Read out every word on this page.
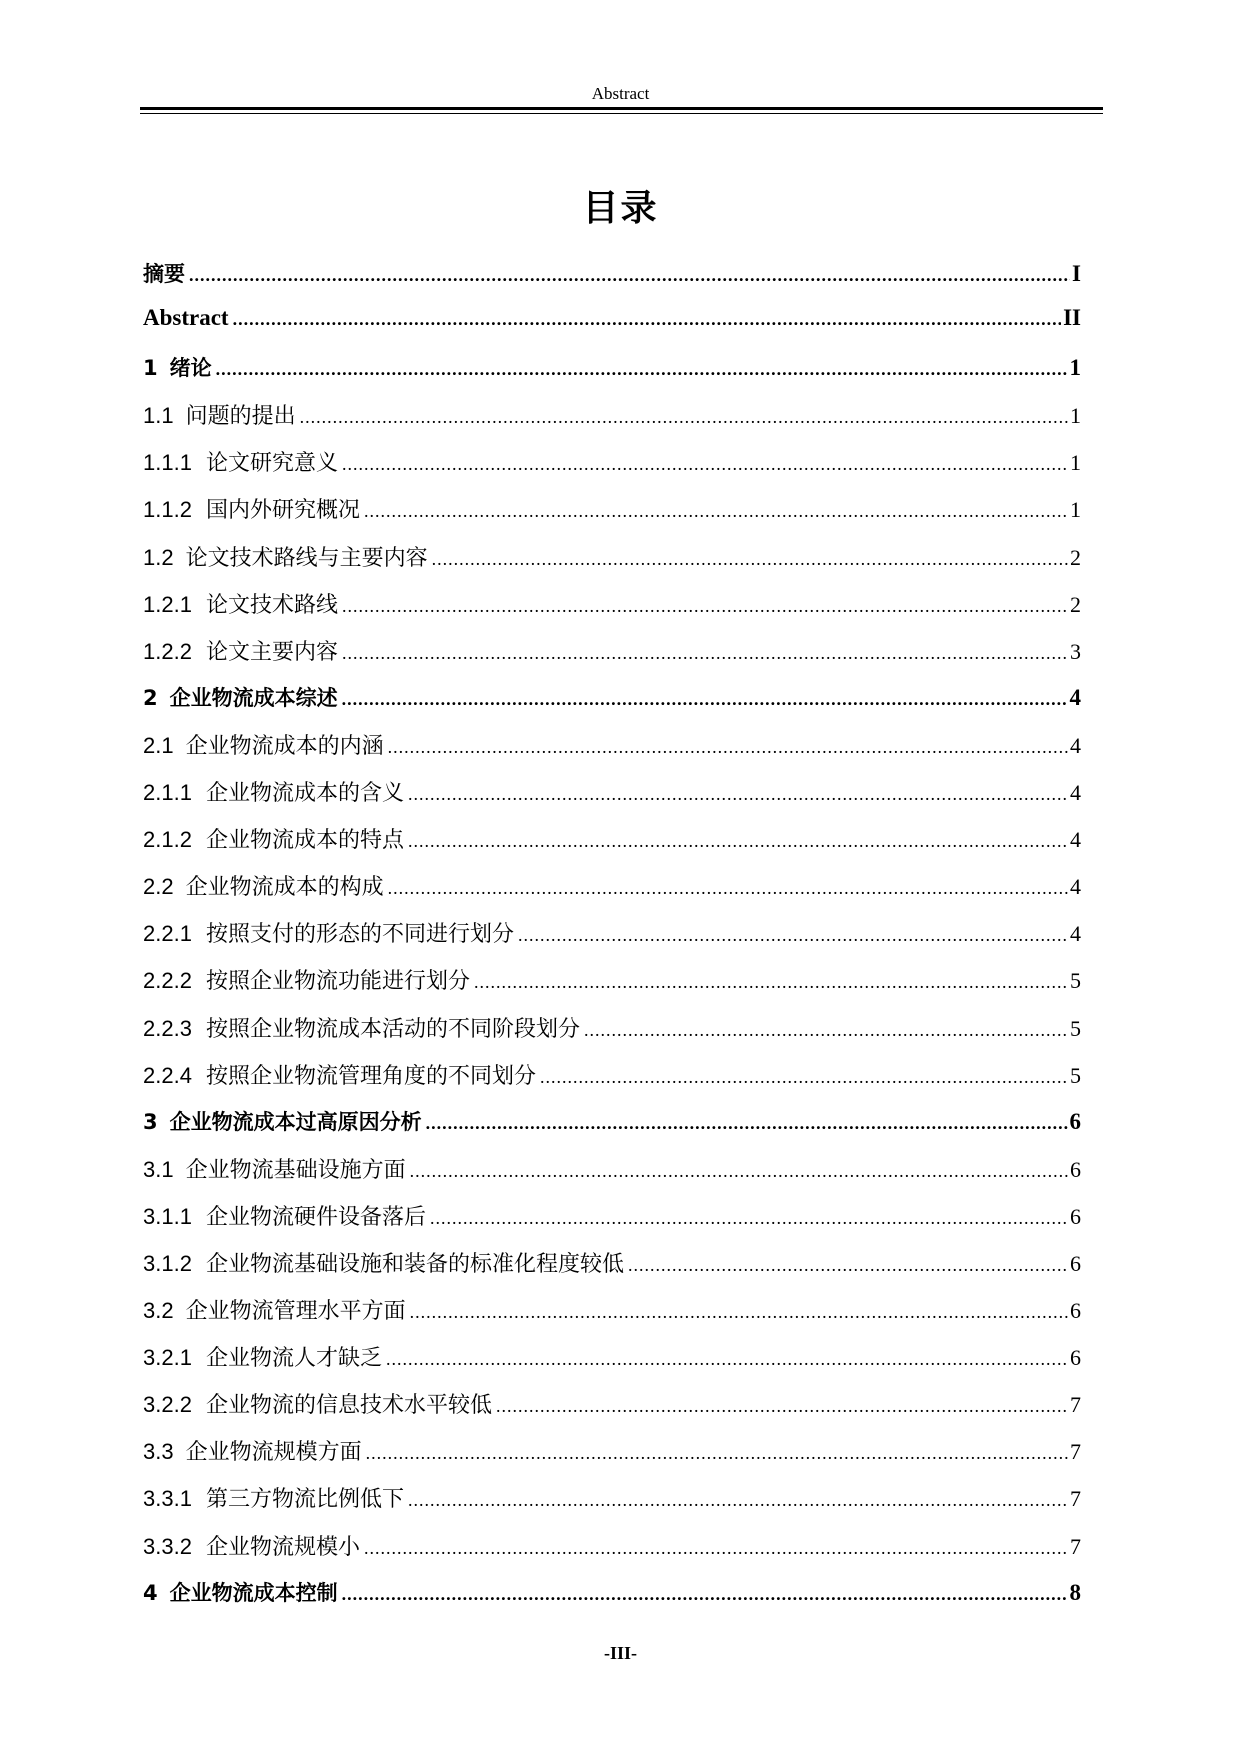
Abstract
目录
摘要 .....	I
Abstract .....	II
1 绪论 .....	1
1.1 问题的提出 .....	1
1.1.1 论文研究意义 .....	1
1.1.2 国内外研究概况 .....	1
1.2 论文技术路线与主要内容 .....	2
1.2.1 论文技术路线 .....	2
1.2.2 论文主要内容 .....	3
2 企业物流成本综述 .....	4
2.1 企业物流成本的内涵 .....	4
2.1.1 企业物流成本的含义 .....	4
2.1.2 企业物流成本的特点 .....	4
2.2 企业物流成本的构成 .....	4
2.2.1 按照支付的形态的不同进行划分 .....	4
2.2.2 按照企业物流功能进行划分 .....	5
2.2.3 按照企业物流成本活动的不同阶段划分 .....	5
2.2.4 按照企业物流管理角度的不同划分 .....	5
3 企业物流成本过高原因分析 .....	6
3.1 企业物流基础设施方面 .....	6
3.1.1 企业物流硬件设备落后 .....	6
3.1.2 企业物流基础设施和装备的标准化程度较低 .....	6
3.2 企业物流管理水平方面 .....	6
3.2.1 企业物流人才缺乏 .....	6
3.2.2 企业物流的信息技术水平较低 .....	7
3.3 企业物流规模方面 .....	7
3.3.1 第三方物流比例低下 .....	7
3.3.2 企业物流规模小 .....	7
4 企业物流成本控制 .....	8
-III-
